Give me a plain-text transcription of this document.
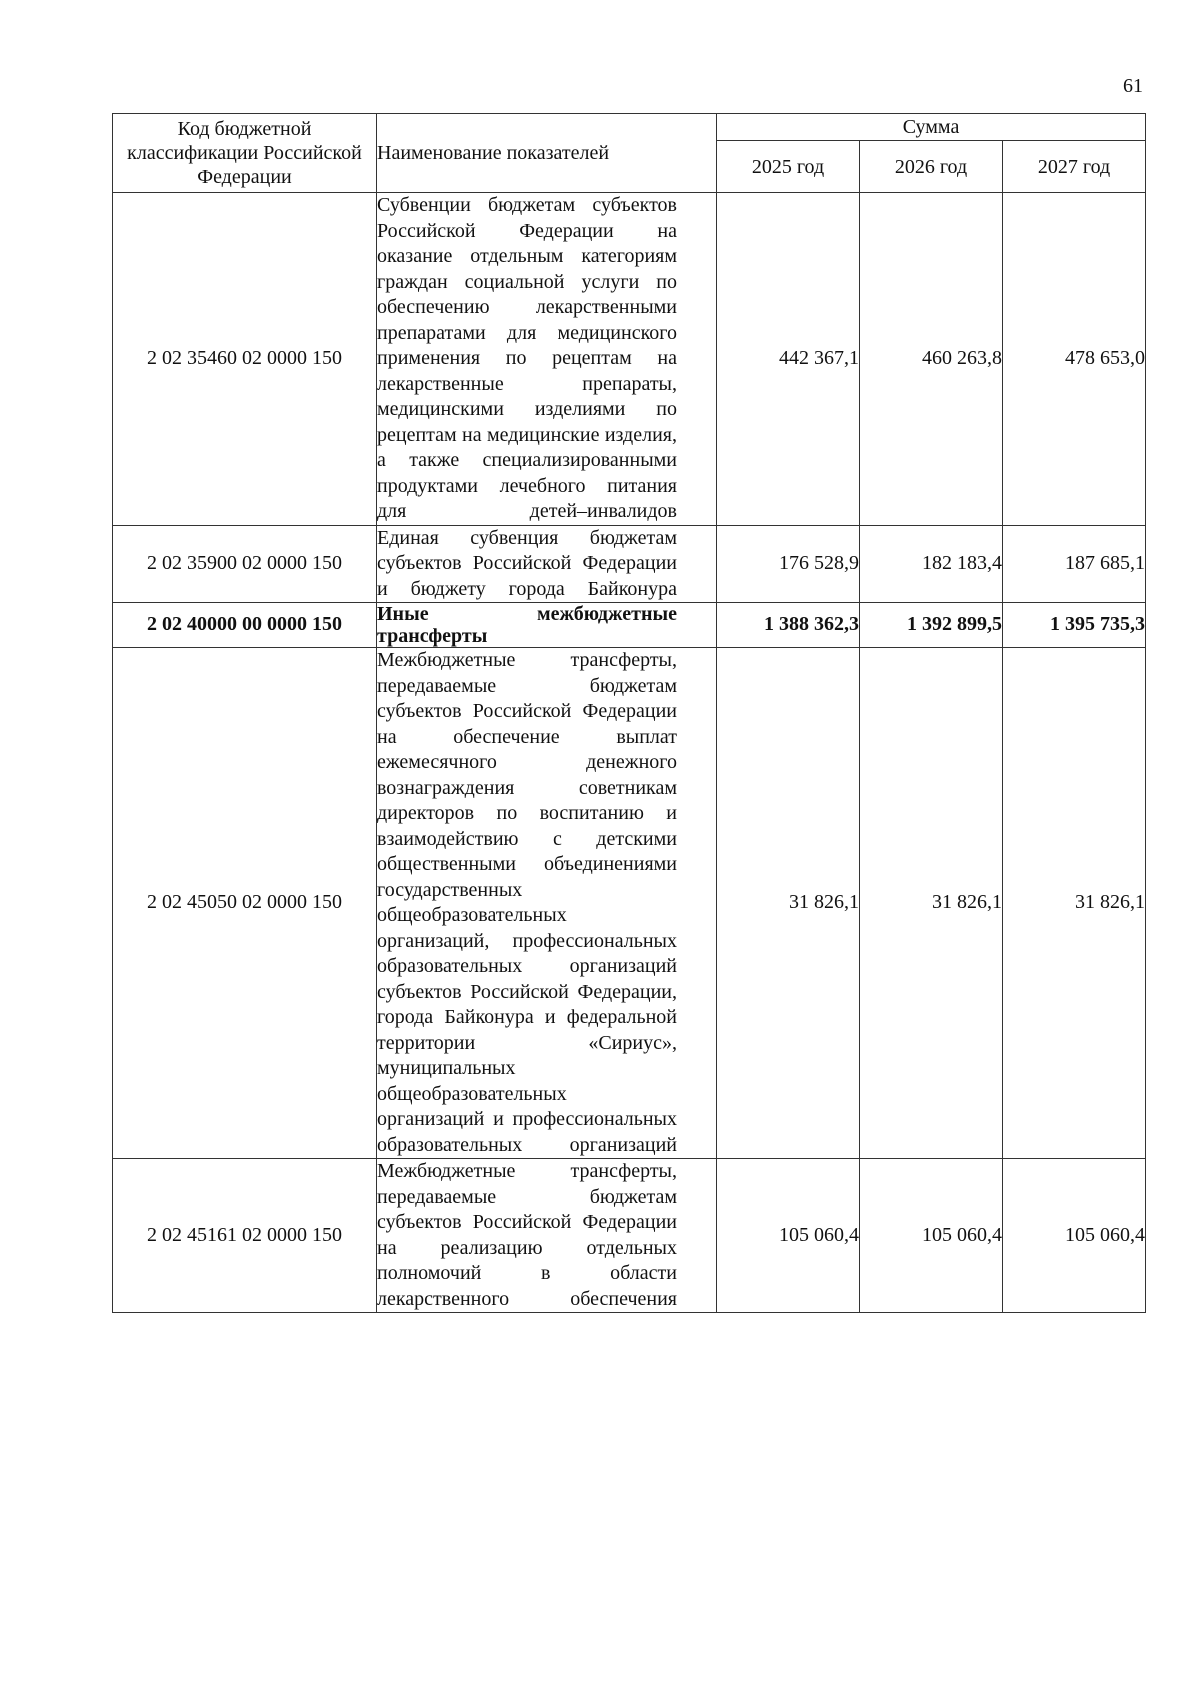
61
Код бюджетной классификации Российской Федерации	Наименование показателей	Сумма		
		2025 год	2026 год	2027 год
2 02 35460 02 0000 150	Субвенции бюджетам субъектов Российской Федерации на оказание отдельным категориям граждан социальной услуги по обеспечению лекарственными препаратами для медицинского применения по рецептам на лекарственные препараты, медицинскими изделиями по рецептам на медицинские изделия, а также специализированными продуктами лечебного питания для детей–инвалидов	442 367,1	460 263,8	478 653,0
2 02 35900 02 0000 150	Единая субвенция бюджетам субъектов Российской Федерации и бюджету города Байконура	176 528,9	182 183,4	187 685,1
2 02 40000 00 0000 150	Иные межбюджетные трансферты	1 388 362,3	1 392 899,5	1 395 735,3
2 02 45050 02 0000 150	Межбюджетные трансферты, передаваемые бюджетам субъектов Российской Федерации на обеспечение выплат ежемесячного денежного вознаграждения советникам директоров по воспитанию и взаимодействию с детскими общественными объединениями государственных общеобразовательных организаций, профессиональных образовательных организаций субъектов Российской Федерации, города Байконура и федеральной территории «Сириус», муниципальных общеобразовательных организаций и профессиональных образовательных организаций	31 826,1	31 826,1	31 826,1
2 02 45161 02 0000 150	Межбюджетные трансферты, передаваемые бюджетам субъектов Российской Федерации на реализацию отдельных полномочий в области лекарственного обеспечения	105 060,4	105 060,4	105 060,4
